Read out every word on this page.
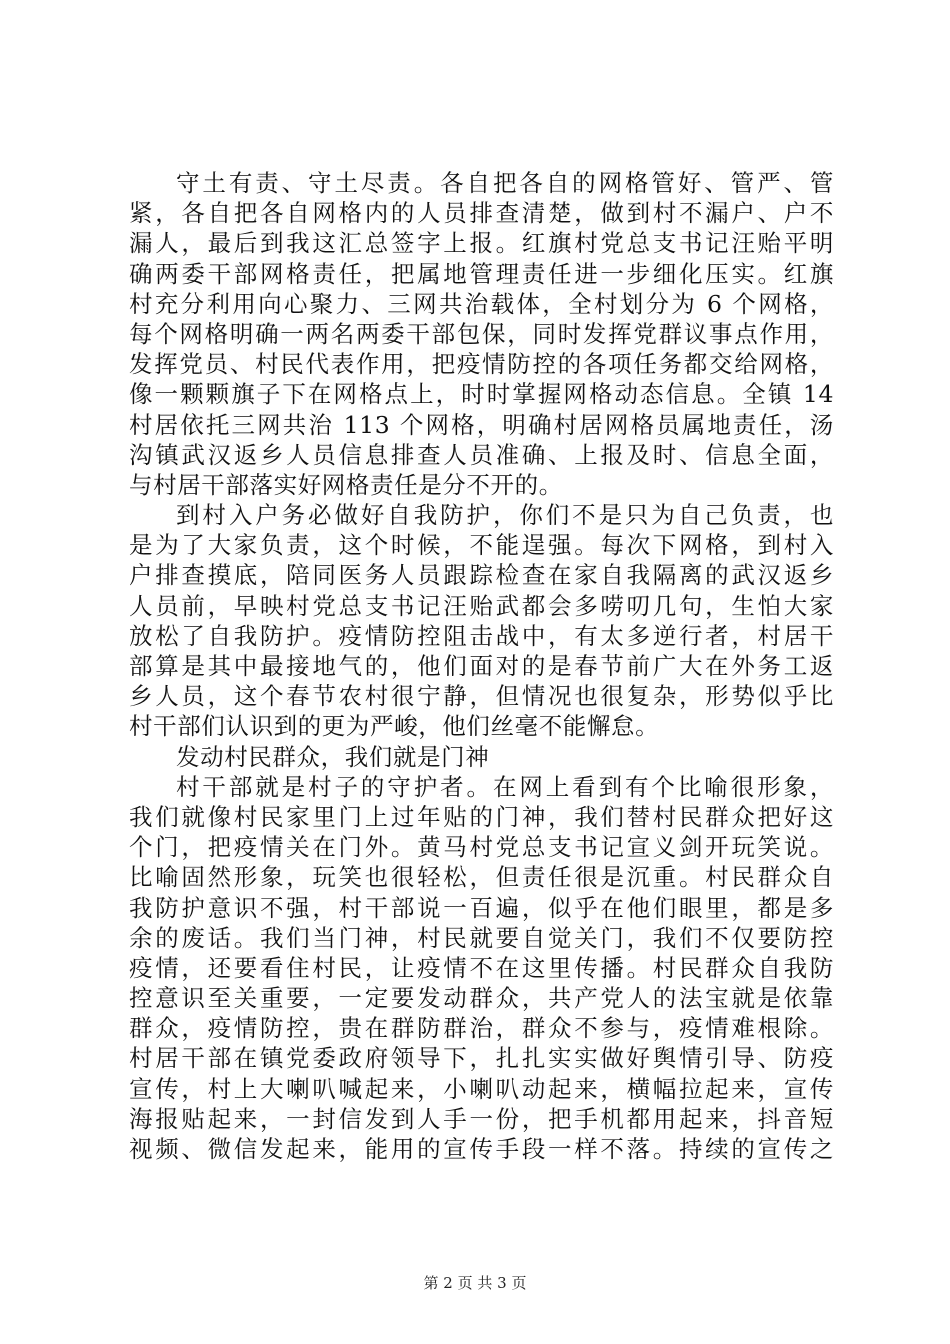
守土有责、守土尽责。各自把各自的网格管好、管严、管
紧，各自把各自网格内的人员排查清楚，做到村不漏户、户不
漏人，最后到我这汇总签字上报。红旗村党总支书记汪贻平明
确两委干部网格责任，把属地管理责任进一步细化压实。红旗
村充分利用向心聚力、三网共治载体，全村划分为 6 个网格，
每个网格明确一两名两委干部包保，同时发挥党群议事点作用，
发挥党员、村民代表作用，把疫情防控的各项任务都交给网格，
像一颗颗旗子下在网格点上，时时掌握网格动态信息。全镇 14
村居依托三网共治 113 个网格，明确村居网格员属地责任，汤
沟镇武汉返乡人员信息排查人员准确、上报及时、信息全面，
与村居干部落实好网格责任是分不开的。
到村入户务必做好自我防护，你们不是只为自己负责，也
是为了大家负责，这个时候，不能逞强。每次下网格，到村入
户排查摸底，陪同医务人员跟踪检查在家自我隔离的武汉返乡
人员前，早映村党总支书记汪贻武都会多唠叨几句，生怕大家
放松了自我防护。疫情防控阻击战中，有太多逆行者，村居干
部算是其中最接地气的，他们面对的是春节前广大在外务工返
乡人员，这个春节农村很宁静，但情况也很复杂，形势似乎比
村干部们认识到的更为严峻，他们丝毫不能懈怠。
发动村民群众，我们就是门神
村干部就是村子的守护者。在网上看到有个比喻很形象，
我们就像村民家里门上过年贴的门神，我们替村民群众把好这
个门，把疫情关在门外。黄马村党总支书记宣义剑开玩笑说。
比喻固然形象，玩笑也很轻松，但责任很是沉重。村民群众自
我防护意识不强，村干部说一百遍，似乎在他们眼里，都是多
余的废话。我们当门神，村民就要自觉关门，我们不仅要防控
疫情，还要看住村民，让疫情不在这里传播。村民群众自我防
控意识至关重要，一定要发动群众，共产党人的法宝就是依靠
群众，疫情防控，贵在群防群治，群众不参与，疫情难根除。
村居干部在镇党委政府领导下，扎扎实实做好舆情引导、防疫
宣传，村上大喇叭喊起来，小喇叭动起来，横幅拉起来，宣传
海报贴起来，一封信发到人手一份，把手机都用起来，抖音短
视频、微信发起来，能用的宣传手段一样不落。持续的宣传之
第 2 页 共 3 页
